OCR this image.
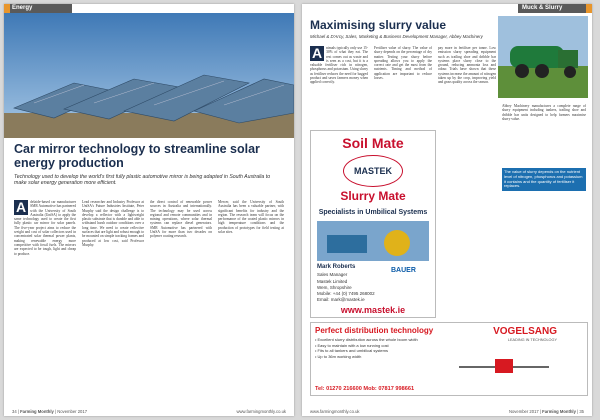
Energy
Car mirror technology to streamline solar energy production
Technology used to develop the world's first fully plastic automotive mirror is being adapted in South Australia to make solar energy generation more efficient.
A	delaide-based car manufacturer SMR Automotive has partnered with the University of South Australia (UniSA) to apply the same technology used to create the first fully plastic car mirror for solar panels. The five-year project aims to reduce the weight and cost of solar collectors used in concentrated solar thermal power plants, making renewable energy more competitive with fossil fuels. The mirrors are expected to be tough, light and cheap to produce.
Lead researcher and Industry Professor at UniSA's Future Industries Institute, Peter Murphy said the design challenge is to develop a reflector with a lightweight plastic substrate that is durable and able to withstand harsh outdoor conditions over a long time. We need to create reflective surfaces that are light and robust enough to be mounted on simple tracking frames and produced at low cost, said Professor Murphy.
the direct control of renewable power sources in Australia and internationally. The technology may be used across regional and remote communities and in mining operations, where solar thermal systems can replace diesel generators. SMR Automotive has partnered with UniSA for more than two decades on polymer coating research.
Mercer, said the University of South Australia has been a valuable partner, with significant benefits for industry and the region. The research team will focus on the performance of the coated plastic mirrors in high temperature conditions and the production of prototypes for field testing at solar sites.
34 | Farming Monthly | November 2017	www.farmingmonthly.co.uk
Muck & Slurry
Maximising slurry value
Michael & D'Arcy, Sales, Marketing & Business Development Manager, Abbey Machinery
A	nimals typically only use 15-30% of what they eat. The rest comes out as waste and is seen as a cost, but it is a valuable fertiliser rich in nitrogen, phosphorus and potassium. Using slurry as fertiliser reduces the need for bagged product and saves farmers money when applied correctly.
Fertiliser value of slurry. The value of slurry depends on the percentage of dry matter. Testing your slurry before spreading allows you to apply the correct rate and get the most from the nutrients. Timing and method of application are important to reduce losses.
pay more in fertiliser per tonne. Low emission slurry spreading equipment such as trailing shoe and dribble bar systems place slurry close to the ground, reducing ammonia loss and odour. Trials have shown that these systems increase the amount of nitrogen taken up by the crop, improving yield and grass quality across the season.
Abbey Machinery manufactures a complete range of slurry equipment including tankers, trailing shoe and dribble bar units designed to help farmers maximise slurry value.
The value of slurry depends on the nutrient level of nitrogen, phosphorus and potassium it contains and the quantity of fertiliser it replaces.
Soil Mate
MASTEK
Slurry Mate
Specialists in Umbilical Systems
Mark Roberts
Sales Manager
Mastek Limited
Wem, Shropshire
Mobile: +44 (0) 7495 268002
Email: mark@mastek.ie
BAUER
www.mastek.ie
Perfect distribution technology	VOGELSANG
LEADING IN TECHNOLOGY
• Excellent slurry distribution across the whole boom width
• Easy to maintain with a low running cost
• Fits to all tankers and umbilical systems
• Up to 36m working width
Tel: 01270 216600 Mob: 07817 998661
www.farmingmonthly.co.uk	November 2017 | Farming Monthly | 35
